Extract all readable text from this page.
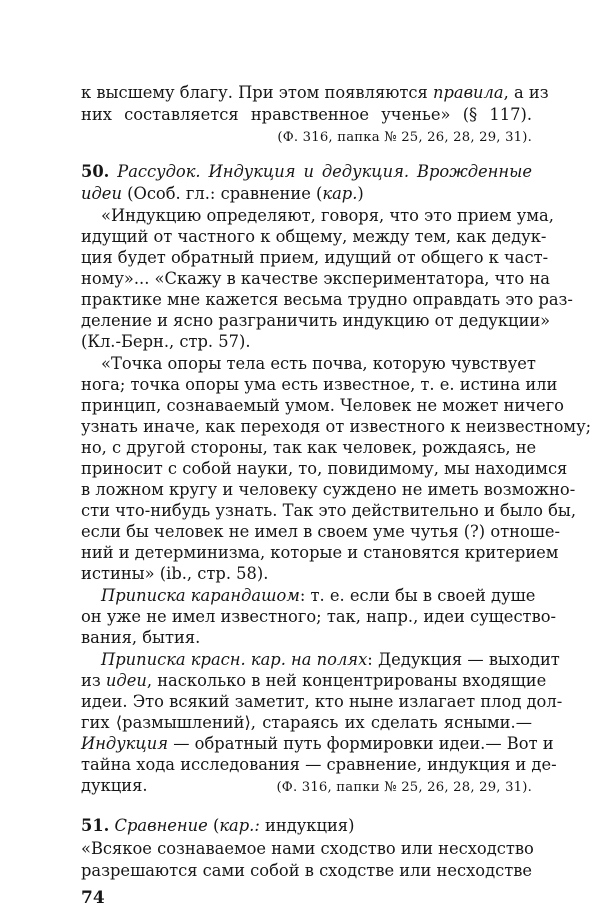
к высшему благу. При этом появляются правила, а из
них составляется нравственное ученье» (§ 117).
(Ф. 316, папка № 25, 26, 28, 29, 31).
50. Рассудок. Индукция и дедукция. Врожденные
идеи (Особ. гл.: сравнение (кар.)
«Индукцию определяют, говоря, что это прием ума,
идущий от частного к общему, между тем, как дедук-
ция будет обратный прием, идущий от общего к част-
ному»... «Скажу в качестве экспериментатора, что на
практике мне кажется весьма трудно оправдать это раз-
деление и ясно разграничить индукцию от дедукции»
(Кл.-Берн., стр. 57).
«Точка опоры тела есть почва, которую чувствует
нога; точка опоры ума есть известное, т. е. истина или
принцип, сознаваемый умом. Человек не может ничего
узнать иначе, как переходя от известного к неизвестному;
но, с другой стороны, так как человек, рождаясь, не
приносит с собой науки, то, повидимому, мы находимся
в ложном кругу и человеку суждено не иметь возможно-
сти что-нибудь узнать. Так это действительно и было бы,
если бы человек не имел в своем уме чутья (?) отноше-
ний и детерминизма, которые и становятся критерием
истины» (ib., стр. 58).
Приписка карандашом: т. е. если бы в своей душе
он уже не имел известного; так, напр., идеи существо-
вания, бытия.
Приписка красн. кар. на полях: Дедукция — выходит
из идеи, насколько в ней концентрированы входящие
идеи. Это всякий заметит, кто ныне излагает плод дол-
гих ⟨размышлений⟩, стараясь их сделать ясными.—
Индукция — обратный путь формировки идеи.— Вот и
тайна хода исследования — сравнение, индукция и де-
дукция.	(Ф. 316, папки № 25, 26, 28, 29, 31).
51. Сравнение (кар.: индукция)
«Всякое сознаваемое нами сходство или несходство
разрешаются сами собой в сходстве или несходстве
74
